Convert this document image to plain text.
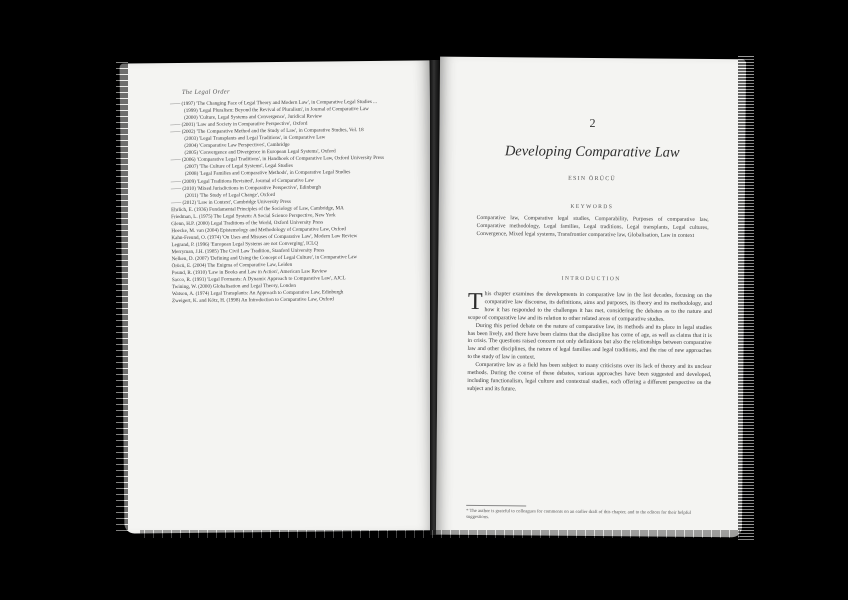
The Legal Order

—— (1997) 'The Changing Face of Legal Theory and Modern Law', in Comparative Legal Studies ...

(1999) 'Legal Pluralism: Beyond the Revival of Pluralism', in Journal of Comparative Law

(2000) 'Culture, Legal Systems and Convergence', Juridical Review

—— (2001) 'Law and Society in Comparative Perspective', Oxford

—— (2002) 'The Comparative Method and the Study of Law', in Comparative Studies, Vol. 18

(2003) 'Legal Transplants and Legal Traditions', in Comparative Law

(2004) 'Comparative Law Perspectives', Cambridge

(2005) 'Convergence and Divergence in European Legal Systems', Oxford

—— (2006) 'Comparative Legal Traditions', in Handbook of Comparative Law, Oxford University Press

(2007) 'The Culture of Legal Systems', Legal Studies

(2008) 'Legal Families and Comparative Methods', in Comparative Legal Studies

—— (2009) 'Legal Traditions Revisited', Journal of Comparative Law

—— (2010) 'Mixed Jurisdictions in Comparative Perspective', Edinburgh

(2011) 'The Study of Legal Change', Oxford

—— (2012) 'Law in Context', Cambridge University Press

Ehrlich, E. (1936) Fundamental Principles of the Sociology of Law, Cambridge, MA

Friedman, L. (1975) The Legal System: A Social Science Perspective, New York

Glenn, H.P. (2000) Legal Traditions of the World, Oxford University Press

Hoecke, M. van (2004) Epistemology and Methodology of Comparative Law, Oxford

Kahn-Freund, O. (1974) 'On Uses and Misuses of Comparative Law', Modern Law Review

Legrand, P. (1996) 'European Legal Systems are not Converging', ICLQ

Merryman, J.H. (1985) The Civil Law Tradition, Stanford University Press

Nelken, D. (2007) 'Defining and Using the Concept of Legal Culture', in Comparative Law

Örücü, E. (2004) The Enigma of Comparative Law, Leiden

Pound, R. (1910) 'Law in Books and Law in Action', American Law Review

Sacco, R. (1991) 'Legal Formants: A Dynamic Approach to Comparative Law', AJCL

Twining, W. (2000) Globalisation and Legal Theory, London

Watson, A. (1974) Legal Transplants: An Approach to Comparative Law, Edinburgh

Zweigert, K. and Kötz, H. (1998) An Introduction to Comparative Law, Oxford

2
Developing Comparative Law
ESIN ÖRÜCÜ
KEYWORDS
Comparative law, Comparative legal studies, Comparability, Purposes of comparative law, Comparative methodology, Legal families, Legal traditions, Legal transplants, Legal cultures, Convergence, Mixed legal systems, Transfrontier comparative law, Globalisation, Law in context
INTRODUCTION

This chapter examines the developments in comparative law in the last decades, focusing on the comparative law discourse, its definitions, aims and purposes, its theory and its methodology, and how it has responded to the challenges it has met, considering the debates as to the nature and scope of comparative law and its relation to other related areas of comparative studies.

During this period debate on the nature of comparative law, its methods and its place in legal studies has been lively, and there have been claims that the discipline has come of age, as well as claims that it is in crisis. The questions raised concern not only definitions but also the relationships between comparative law and other disciplines, the nature of legal families and legal traditions, and the rise of new approaches to the study of law in context.

Comparative law as a field has been subject to many criticisms over its lack of theory and its unclear methods. During the course of these debates, various approaches have been suggested and developed, including functionalism, legal culture and contextual studies, each offering a different perspective on the subject and its future.

* The author is grateful to colleagues for comments on an earlier draft of this chapter, and to the editors for their helpful suggestions.
